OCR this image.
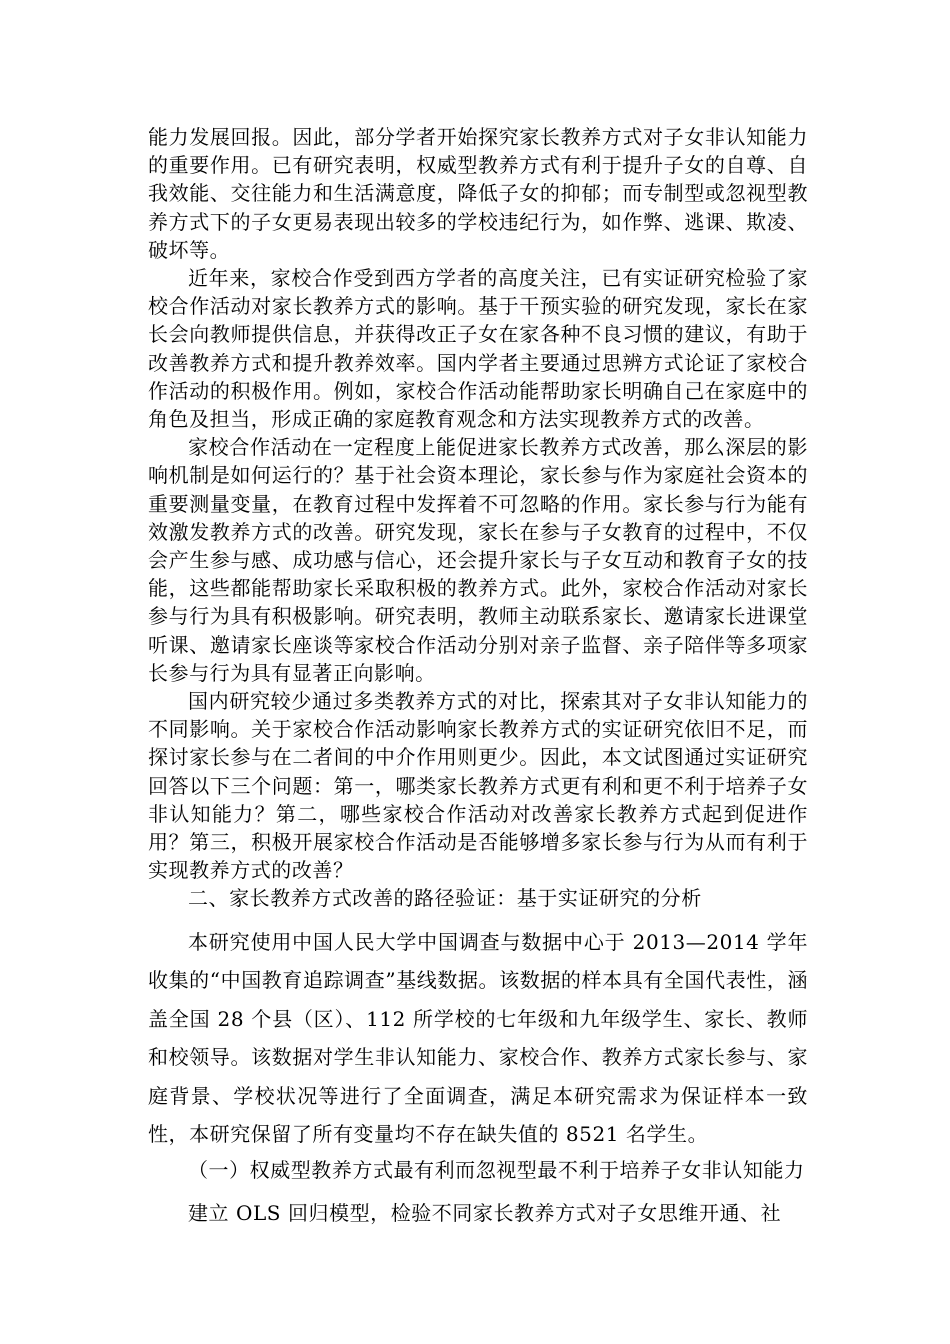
能力发展回报。因此，部分学者开始探究家长教养方式对子女非认知能力的重要作用。已有研究表明，权威型教养方式有利于提升子女的自尊、自我效能、交往能力和生活满意度，降低子女的抑郁；而专制型或忽视型教养方式下的子女更易表现出较多的学校违纪行为，如作弊、逃课、欺凌、破坏等。

近年来，家校合作受到西方学者的高度关注，已有实证研究检验了家校合作活动对家长教养方式的影响。基于干预实验的研究发现，家长在家长会向教师提供信息，并获得改正子女在家各种不良习惯的建议，有助于改善教养方式和提升教养效率。国内学者主要通过思辨方式论证了家校合作活动的积极作用。例如，家校合作活动能帮助家长明确自己在家庭中的角色及担当，形成正确的家庭教育观念和方法实现教养方式的改善。

家校合作活动在一定程度上能促进家长教养方式改善，那么深层的影响机制是如何运行的？基于社会资本理论，家长参与作为家庭社会资本的重要测量变量，在教育过程中发挥着不可忽略的作用。家长参与行为能有效激发教养方式的改善。研究发现，家长在参与子女教育的过程中，不仅会产生参与感、成功感与信心，还会提升家长与子女互动和教育子女的技能，这些都能帮助家长采取积极的教养方式。此外，家校合作活动对家长参与行为具有积极影响。研究表明，教师主动联系家长、邀请家长进课堂听课、邀请家长座谈等家校合作活动分别对亲子监督、亲子陪伴等多项家长参与行为具有显著正向影响。

国内研究较少通过多类教养方式的对比，探索其对子女非认知能力的不同影响。关于家校合作活动影响家长教养方式的实证研究依旧不足，而探讨家长参与在二者间的中介作用则更少。因此，本文试图通过实证研究回答以下三个问题：第一，哪类家长教养方式更有利和更不利于培养子女非认知能力？第二，哪些家校合作活动对改善家长教养方式起到促进作用？第三，积极开展家校合作活动是否能够增多家长参与行为从而有利于实现教养方式的改善？

二、家长教养方式改善的路径验证：基于实证研究的分析

本研究使用中国人民大学中国调查与数据中心于 2013—2014 学年收集的“中国教育追踪调查”基线数据。该数据的样本具有全国代表性，涵盖全国 28 个县（区）、112 所学校的七年级和九年级学生、家长、教师和校领导。该数据对学生非认知能力、家校合作、教养方式家长参与、家庭背景、学校状况等进行了全面调查，满足本研究需求为保证样本一致性，本研究保留了所有变量均不存在缺失值的 8521 名学生。

（一）权威型教养方式最有利而忽视型最不利于培养子女非认知能力

建立 OLS 回归模型，检验不同家长教养方式对子女思维开通、社
